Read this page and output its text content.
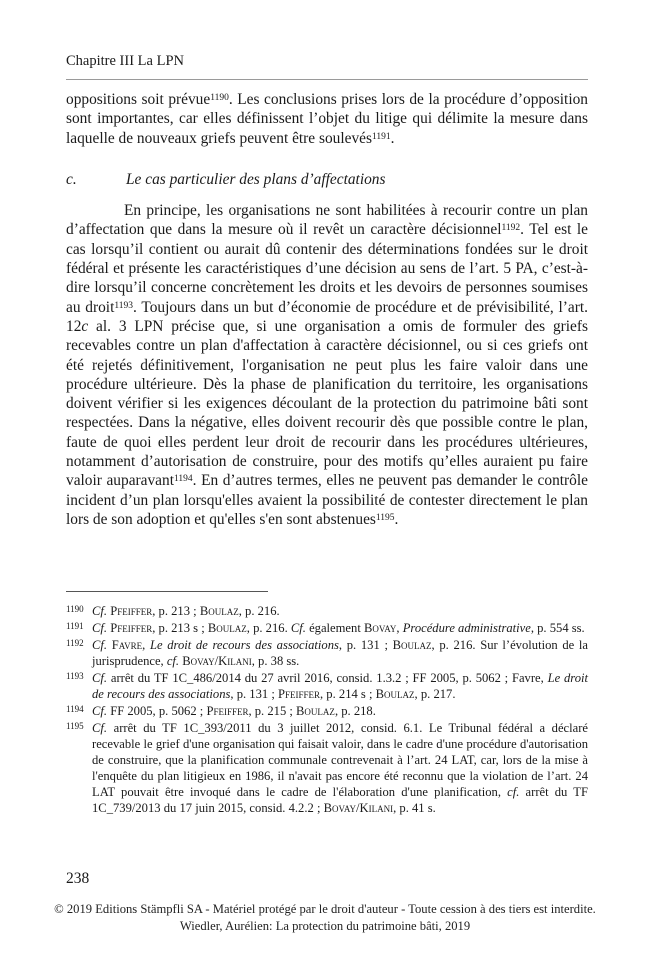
Chapitre III La LPN

oppositions soit prévue$^{1190}$. Les conclusions prises lors de la procédure d’opposition sont importantes, car elles définissent l’objet du litige qui délimite la mesure dans laquelle de nouveaux griefs peuvent être soulevés$^{1191}$.

c.	Le cas particulier des plans d’affectations

En principe, les organisations ne sont habilitées à recourir contre un plan d’affectation que dans la mesure où il revêt un caractère décisionnel$^{1192}$. Tel est le cas lorsqu’il contient ou aurait dû contenir des déterminations fondées sur le droit fédéral et présente les caractéristiques d’une décision au sens de l’art. 5 PA, c’est-à-dire lorsqu’il concerne concrètement les droits et les devoirs de personnes soumises au droit$^{1193}$. Toujours dans un but d’économie de procédure et de prévisibilité, l’art. 12c al. 3 LPN précise que, si une organisation a omis de formuler des griefs recevables contre un plan d'affectation à caractère décisionnel, ou si ces griefs ont été rejetés définitivement, l'organisation ne peut plus les faire valoir dans une procédure ultérieure. Dès la phase de planification du territoire, les organisations doivent vérifier si les exigences découlant de la protection du patrimoine bâti sont respectées. Dans la négative, elles doivent recourir dès que possible contre le plan, faute de quoi elles perdent leur droit de recourir dans les procédures ultérieures, notamment d’autorisation de construire, pour des motifs qu’elles auraient pu faire valoir auparavant$^{1194}$. En d’autres termes, elles ne peuvent pas demander le contrôle incident d’un plan lorsqu'elles avaient la possibilité de contester directement le plan lors de son adoption et qu'elles s'en sont abstenues$^{1195}$.

1190 Cf. Pfeiffer, p. 213 ; Boulaz, p. 216.
1191 Cf. Pfeiffer, p. 213 s ; Boulaz, p. 216. Cf. également Bovay, Procédure administrative, p. 554 ss.
1192 Cf. Favre, Le droit de recours des associations, p. 131 ; Boulaz, p. 216. Sur l’évolution de la jurisprudence, cf. Bovay/Kilani, p. 38 ss.
1193 Cf. arrêt du TF 1C_486/2014 du 27 avril 2016, consid. 1.3.2 ; FF 2005, p. 5062 ; Favre, Le droit de recours des associations, p. 131 ; Pfeiffer, p. 214 s ; Boulaz, p. 217.
1194 Cf. FF 2005, p. 5062 ; Pfeiffer, p. 215 ; Boulaz, p. 218.
1195 Cf. arrêt du TF 1C_393/2011 du 3 juillet 2012, consid. 6.1. Le Tribunal fédéral a déclaré recevable le grief d'une organisation qui faisait valoir, dans le cadre d'une procédure d'autorisation de construire, que la planification communale contrevenait à l’art. 24 LAT, car, lors de la mise à l'enquête du plan litigieux en 1986, il n'avait pas encore été reconnu que la violation de l’art. 24 LAT pouvait être invoqué dans le cadre de l'élaboration d'une planification, cf. arrêt du TF 1C_739/2013 du 17 juin 2015, consid. 4.2.2 ; Bovay/Kilani, p. 41 s.
238
© 2019 Editions Stämpfli SA - Matériel protégé par le droit d'auteur - Toute cession à des tiers est interdite.
Wiedler, Aurélien: La protection du patrimoine bâti, 2019
